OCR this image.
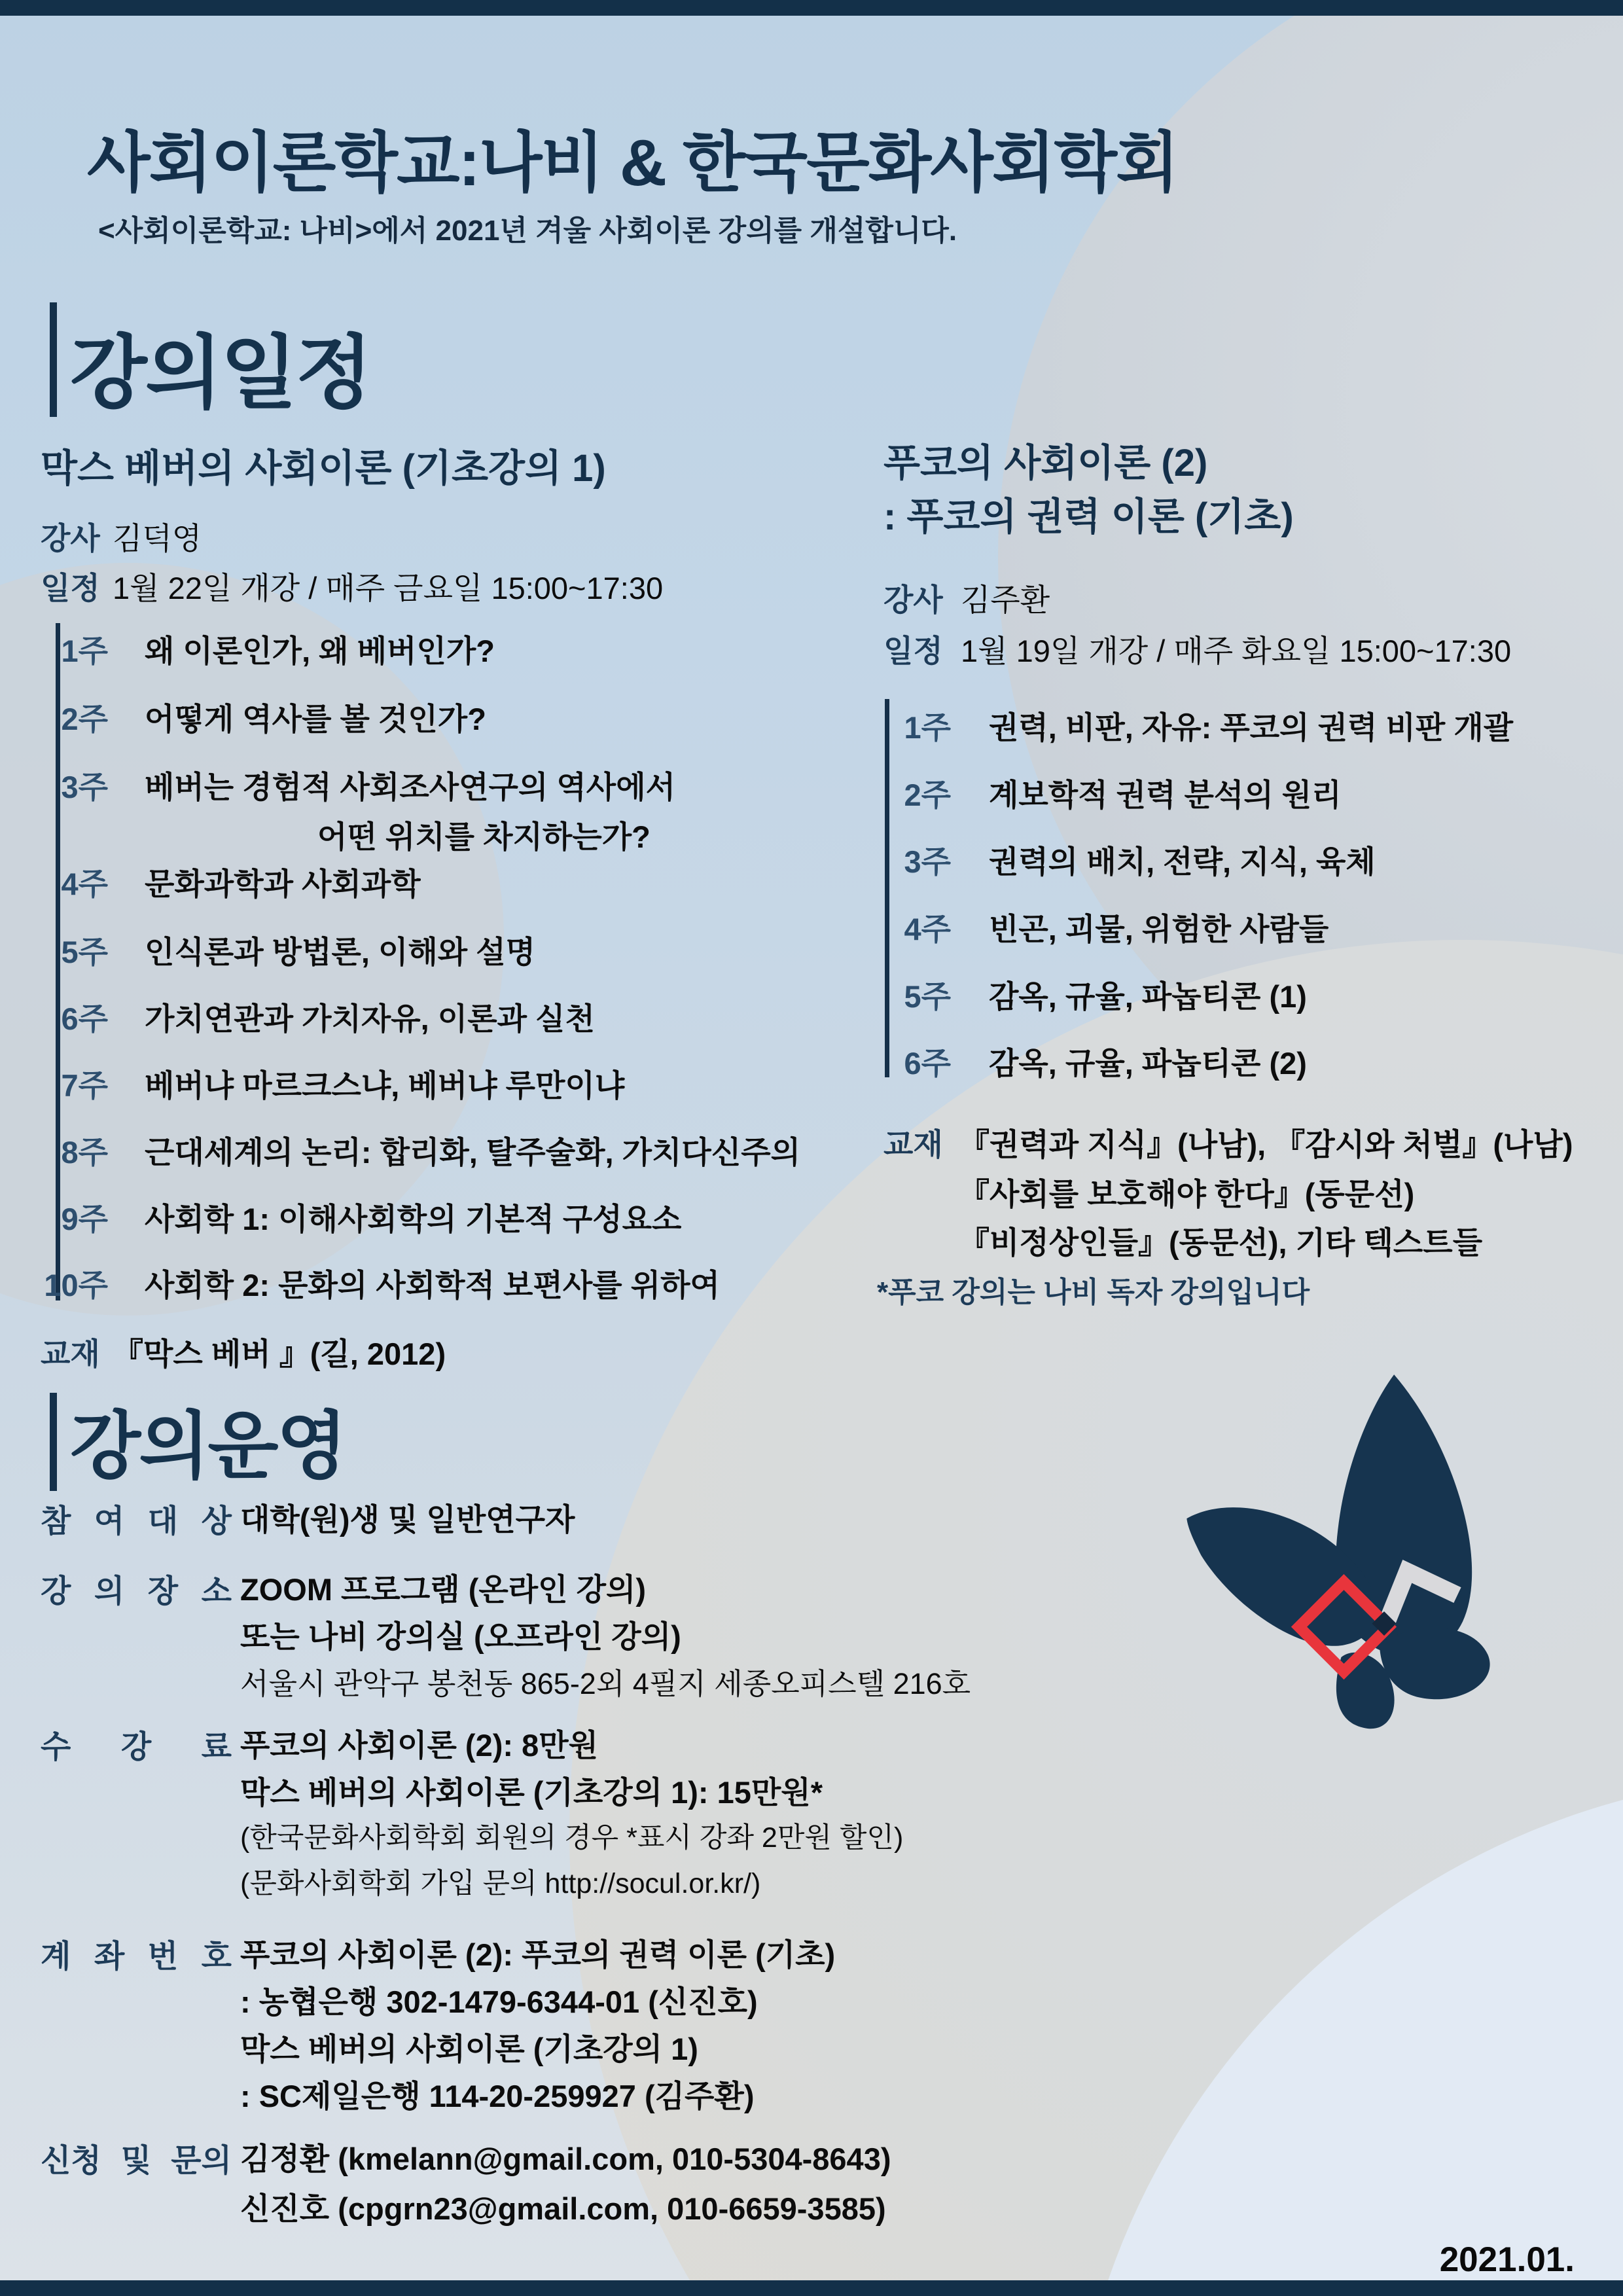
사회이론학교:나비 & 한국문화사회학회
<사회이론학교: 나비>에서 2021년 겨울 사회이론 강의를 개설합니다.
강의일정
막스 베버의 사회이론 (기초강의 1)
강사 김덕영
일정 1월 22일 개강 / 매주 금요일 15:00~17:30
1주 왜 이론인가, 왜 베버인가?
2주 어떻게 역사를 볼 것인가?
3주 베버는 경험적 사회조사연구의 역사에서
어떤 위치를 차지하는가?
4주 문화과학과 사회과학
5주 인식론과 방법론, 이해와 설명
6주 가치연관과 가치자유, 이론과 실천
7주 베버냐 마르크스냐, 베버냐 루만이냐
8주 근대세계의 논리: 합리화, 탈주술화, 가치다신주의
9주 사회학 1: 이해사회학의 기본적 구성요소
10주 사회학 2: 문화의 사회학적 보편사를 위하여
교재 『막스 베버 』(길, 2012)
푸코의 사회이론 (2)
: 푸코의 권력 이론 (기초)
강사 김주환
일정 1월 19일 개강 / 매주 화요일 15:00~17:30
1주 권력, 비판, 자유: 푸코의 권력 비판 개괄
2주 계보학적 권력 분석의 원리
3주 권력의 배치, 전략, 지식, 육체
4주 빈곤, 괴물, 위험한 사람들
5주 감옥, 규율, 파놉티콘 (1)
6주 감옥, 규율, 파놉티콘 (2)
교재 『권력과 지식』(나남), 『감시와 처벌』(나남)
『사회를 보호해야 한다』(동문선)
『비정상인들』(동문선), 기타 텍스트들
*푸코 강의는 나비 독자 강의입니다
강의운영
참 여 대 상 대학(원)생 및 일반연구자
강 의 장 소 ZOOM 프로그램 (온라인 강의)
또는 나비 강의실 (오프라인 강의)
서울시 관악구 봉천동 865-2외 4필지 세종오피스텔 216호
수 강 료 푸코의 사회이론 (2): 8만원
막스 베버의 사회이론 (기초강의 1): 15만원*
(한국문화사회학회 회원의 경우 *표시 강좌 2만원 할인)
(문화사회학회 가입 문의 http://socul.or.kr/)
계 좌 번 호 푸코의 사회이론 (2): 푸코의 권력 이론 (기초)
: 농협은행 302-1479-6344-01 (신진호)
막스 베버의 사회이론 (기초강의 1)
: SC제일은행 114-20-259927 (김주환)
신청 및 문의 김정환 (kmelann@gmail.com, 010-5304-8643)
신진호 (cpgrn23@gmail.com, 010-6659-3585)
2021.01.
